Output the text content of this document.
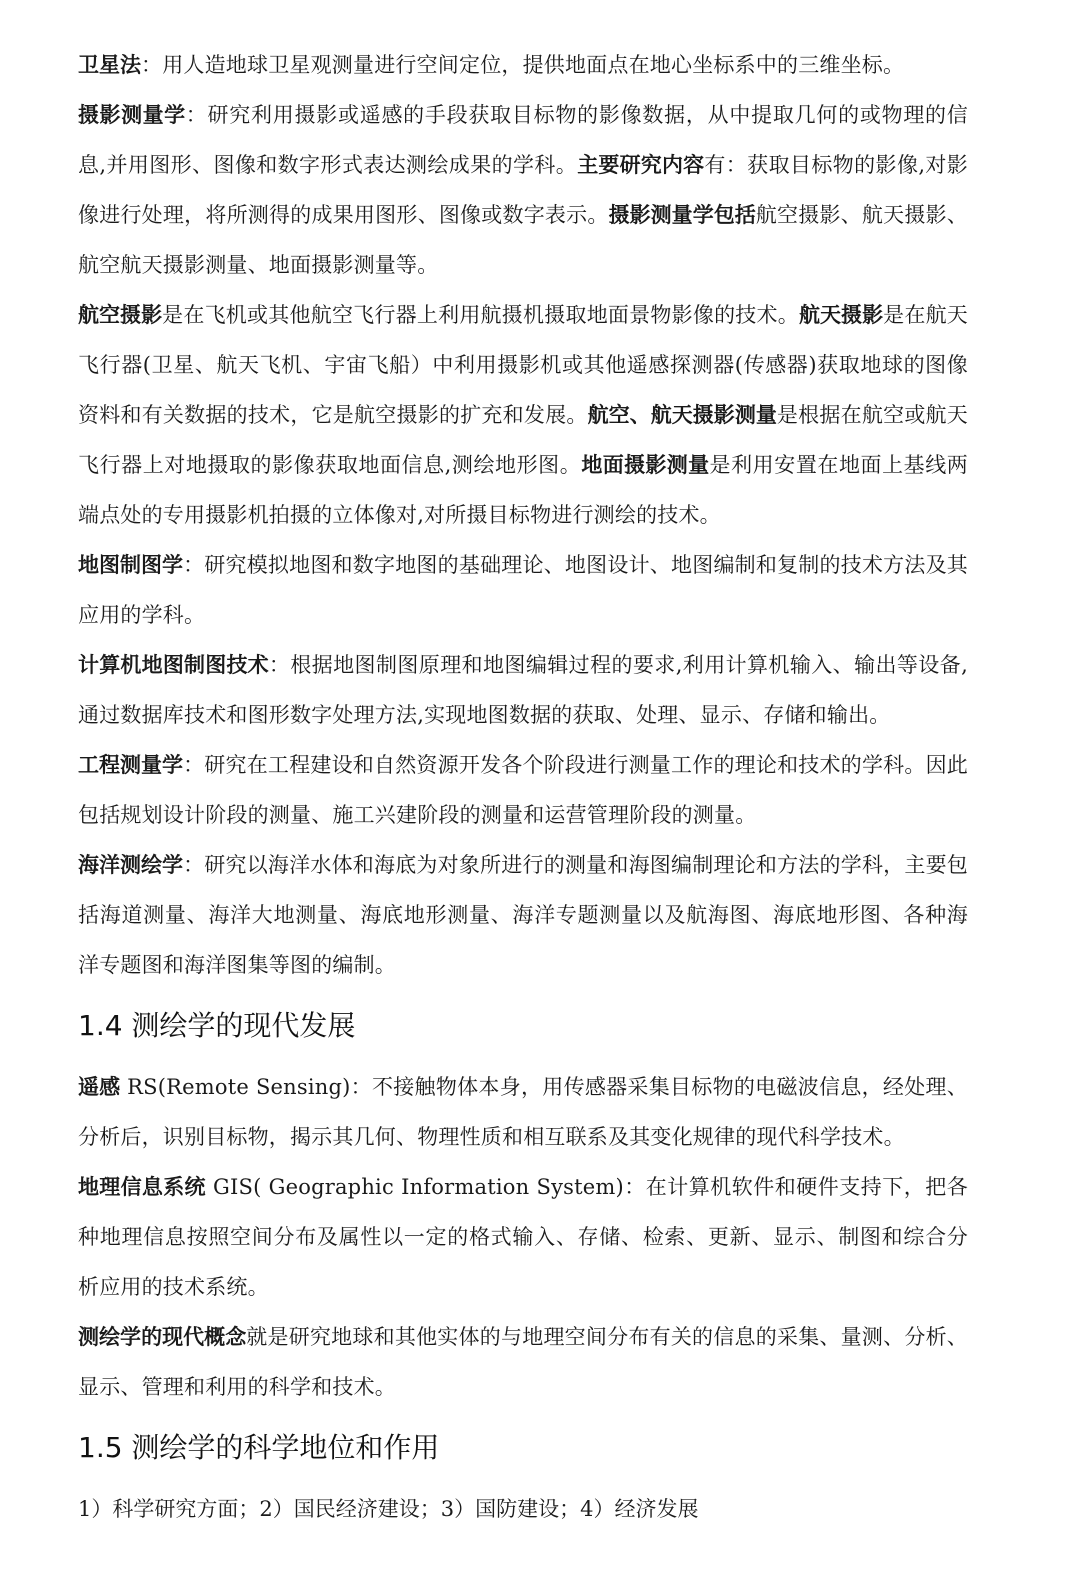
卫星法：用人造地球卫星观测量进行空间定位，提供地面点在地心坐标系中的三维坐标。

摄影测量学：研究利用摄影或遥感的手段获取目标物的影像数据，从中提取几何的或物理的信息,并用图形、图像和数字形式表达测绘成果的学科。主要研究内容有：获取目标物的影像,对影像进行处理，将所测得的成果用图形、图像或数字表示。摄影测量学包括航空摄影、航天摄影、航空航天摄影测量、地面摄影测量等。

航空摄影是在飞机或其他航空飞行器上利用航摄机摄取地面景物影像的技术。航天摄影是在航天飞行器(卫星、航天飞机、宇宙飞船）中利用摄影机或其他遥感探测器(传感器)获取地球的图像资料和有关数据的技术，它是航空摄影的扩充和发展。航空、航天摄影测量是根据在航空或航天飞行器上对地摄取的影像获取地面信息,测绘地形图。地面摄影测量是利用安置在地面上基线两端点处的专用摄影机拍摄的立体像对,对所摄目标物进行测绘的技术。

地图制图学：研究模拟地图和数字地图的基础理论、地图设计、地图编制和复制的技术方法及其应用的学科。

计算机地图制图技术：根据地图制图原理和地图编辑过程的要求,利用计算机输入、输出等设备,通过数据库技术和图形数字处理方法,实现地图数据的获取、处理、显示、存储和输出。

工程测量学：研究在工程建设和自然资源开发各个阶段进行测量工作的理论和技术的学科。因此包括规划设计阶段的测量、施工兴建阶段的测量和运营管理阶段的测量。

海洋测绘学：研究以海洋水体和海底为对象所进行的测量和海图编制理论和方法的学科，主要包括海道测量、海洋大地测量、海底地形测量、海洋专题测量以及航海图、海底地形图、各种海洋专题图和海洋图集等图的编制。

1.4 测绘学的现代发展

遥感 RS(Remote Sensing)：不接触物体本身，用传感器采集目标物的电磁波信息，经处理、分析后，识别目标物，揭示其几何、物理性质和相互联系及其变化规律的现代科学技术。

地理信息系统 GIS( Geographic Information System)：在计算机软件和硬件支持下，把各种地理信息按照空间分布及属性以一定的格式输入、存储、检索、更新、显示、制图和综合分析应用的技术系统。

测绘学的现代概念就是研究地球和其他实体的与地理空间分布有关的信息的采集、量测、分析、显示、管理和利用的科学和技术。

1.5 测绘学的科学地位和作用

1）科学研究方面；2）国民经济建设；3）国防建设；4）经济发展
